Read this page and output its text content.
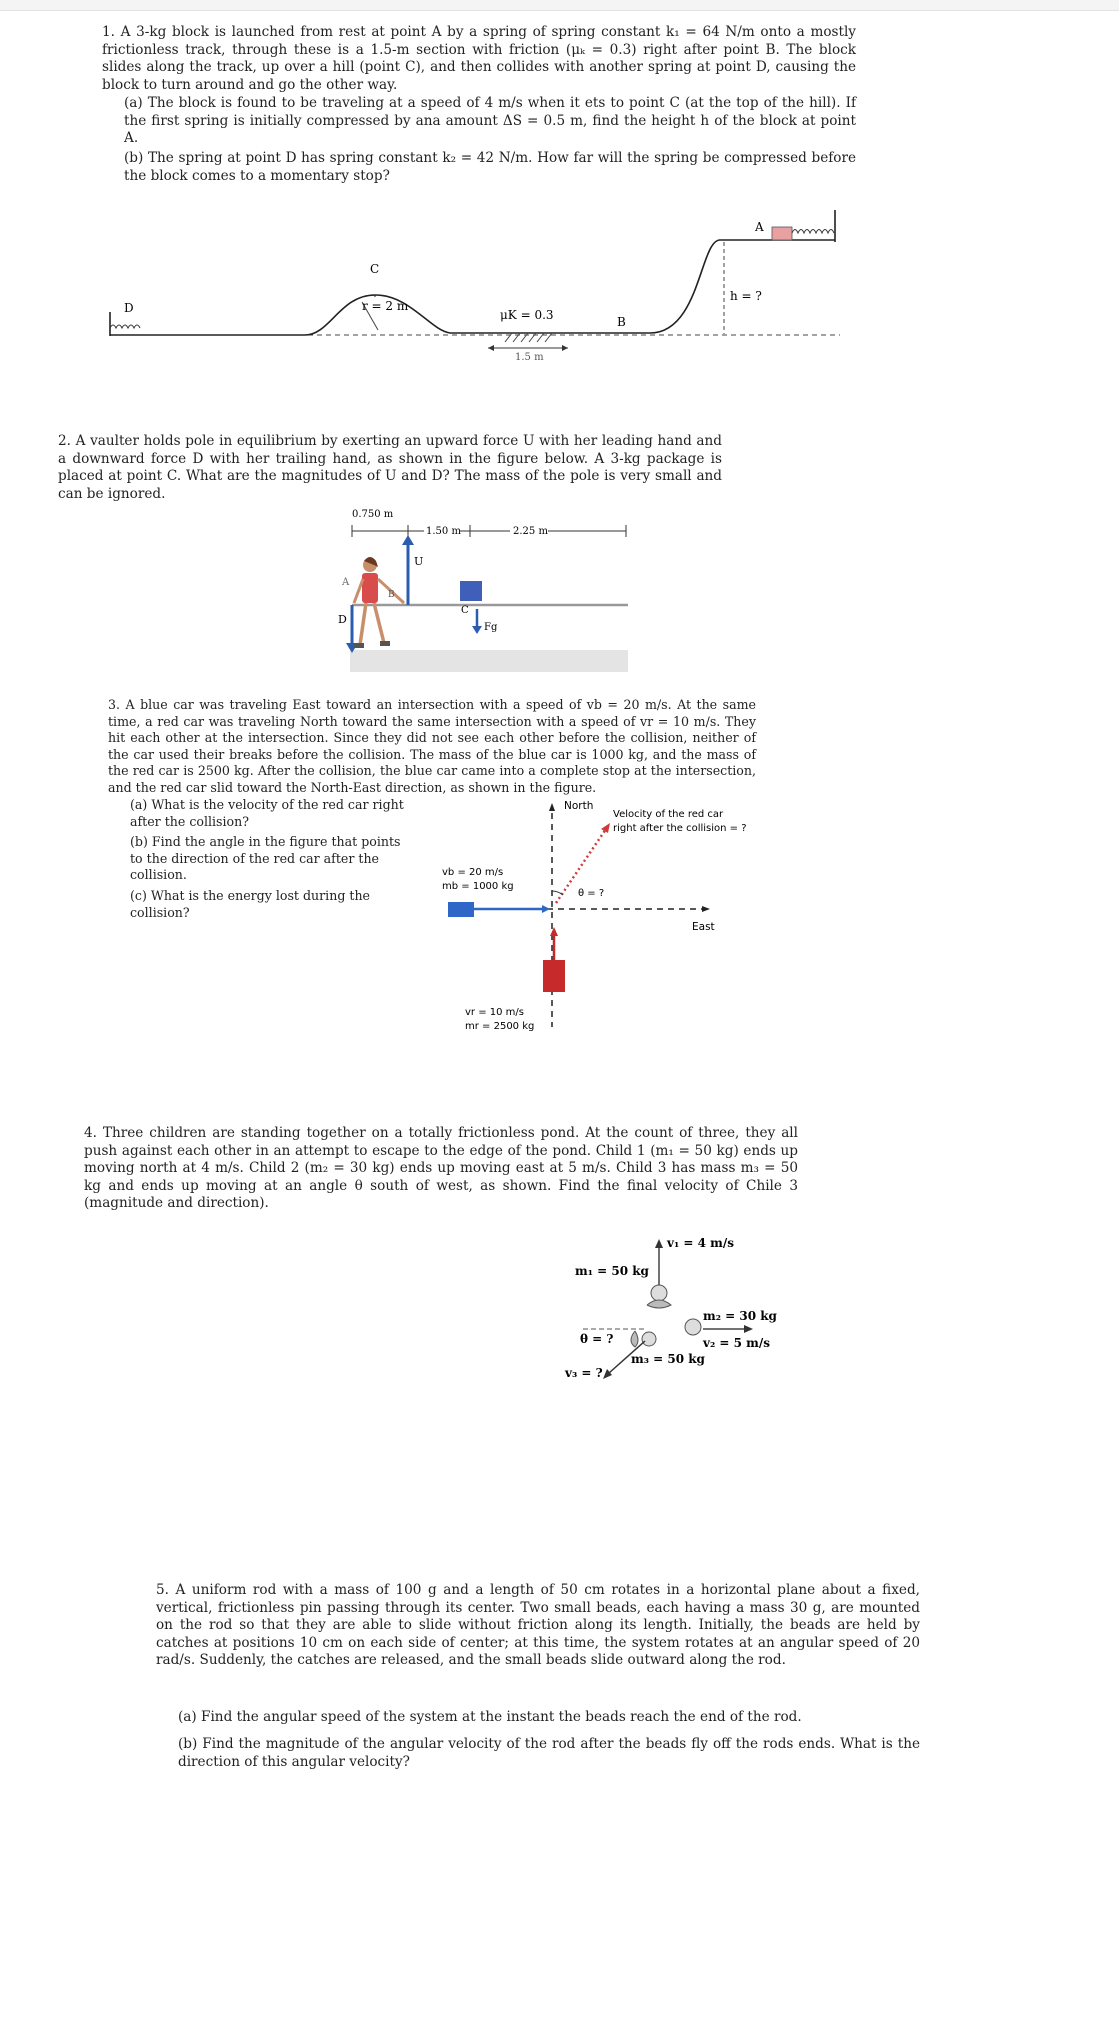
1. A 3-kg block is launched from rest at point A by a spring of spring constant k₁ = 64 N/m onto a mostly frictionless track, through these is a 1.5-m section with friction (μₖ = 0.3) right after point B. The block slides along the track, up over a hill (point C), and then collides with another spring at point D, causing the block to turn around and go the other way.
(a) The block is found to be traveling at a speed of 4 m/s when it ets to point C (at the top of the hill). If the first spring is initially compressed by ana amount ΔS = 0.5 m, find the height h of the block at point A.
(b) The spring at point D has spring constant k₂ = 42 N/m. How far will the spring be compressed before the block comes to a momentary stop?
D
C
r = 2 m
μK = 0.3
1.5 m
B
h = ?
A
2. A vaulter holds pole in equilibrium by exerting an upward force U with her leading hand and a downward force D with her trailing hand, as shown in the figure below. A 3-kg package is placed at point C. What are the magnitudes of U and D? The mass of the pole is very small and can be ignored.
0.750 m
1.50 m	2.25 m
U
D
A
B
C
Fg
3. A blue car was traveling East toward an intersection with a speed of vb = 20 m/s. At the same time, a red car was traveling North toward the same intersection with a speed of vr = 10 m/s. They hit each other at the intersection. Since they did not see each other before the collision, neither of the car used their breaks before the collision. The mass of the blue car is 1000 kg, and the mass of the red car is 2500 kg. After the collision, the blue car came into a complete stop at the intersection, and the red car slid toward the North-East direction, as shown in the figure.
(a) What is the velocity of the red car right after the collision?
(b) Find the angle in the figure that points to the direction of the red car after the collision.
(c) What is the energy lost during the collision?
North
East
Velocity of the red car
right after the collision = ?
θ = ?
vb = 20 m/s
mb = 1000 kg
vr = 10 m/s
mr = 2500 kg
4. Three children are standing together on a totally frictionless pond. At the count of three, they all push against each other in an attempt to escape to the edge of the pond. Child 1 (m₁ = 50 kg) ends up moving north at 4 m/s. Child 2 (m₂ = 30 kg) ends up moving east at 5 m/s. Child 3 has mass m₃ = 50 kg and ends up moving at an angle θ south of west, as shown. Find the final velocity of Chile 3 (magnitude and direction).
v₁ = 4 m/s
m₁ = 50 kg
m₂ = 30 kg
v₂ = 5 m/s
θ = ?
m₃ = 50 kg
v₃ = ?
5. A uniform rod with a mass of 100 g and a length of 50 cm rotates in a horizontal plane about a fixed, vertical, frictionless pin passing through its center. Two small beads, each having a mass 30 g, are mounted on the rod so that they are able to slide without friction along its length. Initially, the beads are held by catches at positions 10 cm on each side of center; at this time, the system rotates at an angular speed of 20 rad/s. Suddenly, the catches are released, and the small beads slide outward along the rod.
(a) Find the angular speed of the system at the instant the beads reach the end of the rod.
(b) Find the magnitude of the angular velocity of the rod after the beads fly off the rods ends. What is the direction of this angular velocity?
